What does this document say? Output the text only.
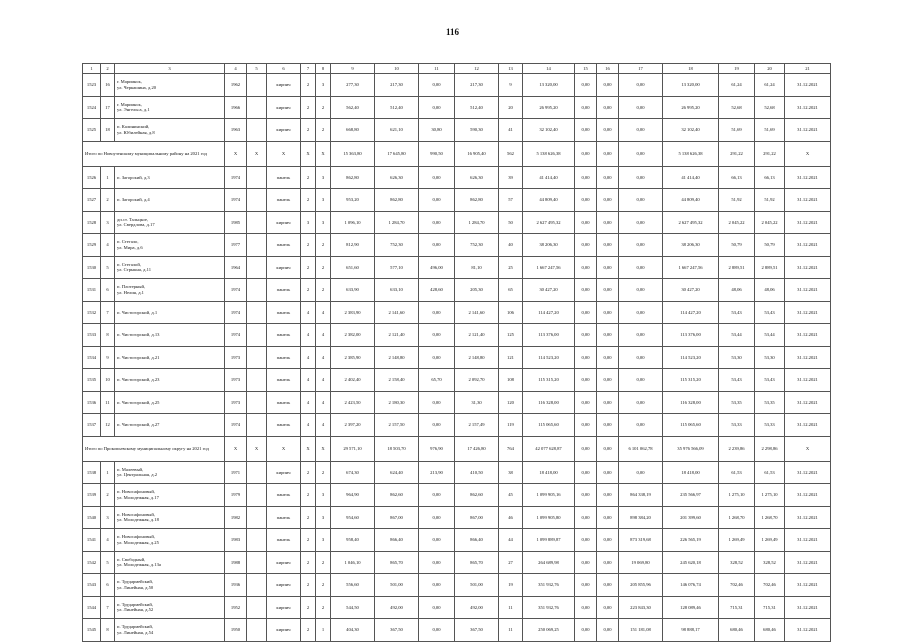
116
1	2	3	4	5	6	7	8	9	10	11	12	13	14	15	16	17	18	19	20	21
1523	16	г. Мариинск,
ул. Черкашина, д.20	1962		кирпич	2	3	277,30	217,30	0,00	217,30	9	13 320,00	0,00	0,00	0,00	13 320,00	61,24	61,24	31.12.2021
1524	17	г. Мариинск,
ул. Энгельса, д.1	1966		кирпич	2	2	562,40	512,40	0,00	512,40	20	26 995,20	0,00	0,00	0,00	26 995,20	52,68	52,68	31.12.2021
1525	18	п. Калининский,
ул. Юбилейная, д.8	1963		кирпич	2	2	668,80	621,10	30,80	590,30	41	32 102,40	0,00	0,00	0,00	32 102,40	51,69	51,69	31.12.2021
Итого по Новоузенскому муниципальному району на 2021 год			X	X	X	X	X	15 363,80	17 645,80	990,50	16 905,40	562	5 138 626,38	0,00	0,00	0,00	5 138 626,38	291,22	291,22	X
1526	1	п. Загорский, д.3	1974		панель	2	3	862,80	626,30	0,00	626,30	39	41 414,40	0,00	0,00	0,00	41 414,40	66,13	66,13	31.12.2021
1527	2	п. Загорский, д.4	1974		панель	2	3	953,20	862,80	0,00	862,80	57	44 809,40	0,00	0,00	0,00	44 809,40	51,92	51,92	31.12.2021
1528	3	дп.ст. Тальцкое,
ул. Свердлова, д.17	1985		кирпич	3	3	1 096,10	1 284,70	0,00	1 284,70	50	2 627 495,32	0,00	0,00	0,00	2 627 495,32	2 045,22	2 045,22	31.12.2021
1529	4	п. Стегало,
ул. Мира, д.6	1977		панель	2	2	812,90	752,30	0,00	752,30	40	38 206,30	0,00	0,00	0,00	38 206,30	50,79	50,79	31.12.2021
1530	5	п. Стегалой,
ул. Стрыкна, д.11	1964		кирпич	2	2	651,60	577,10	496,00	81,10	25	1 667 247,56	0,00	0,00	0,00	1 667 247,56	2 889,51	2 889,51	31.12.2021
1531	6	п. Плотерный,
ул. Нелия, д.1	1974		панель	2	2	633,90	633,10	428,60	205,30	65	30 427,20	0,00	0,00	0,00	30 427,20	48,06	48,06	31.12.2021
1532	7	п. Чистогорский, д.1	1974		панель	4	4	2 383,90	2 141,60	0,00	2 141,60	106	114 427,20	0,00	0,00	0,00	114 427,20	53,43	53,43	31.12.2021
1533	8	п. Чистогорский, д.13	1974		панель	4	4	2 382,00	2 121,40	0,00	2 121,40	125	113 376,00	0,00	0,00	0,00	113 376,00	53,44	53,44	31.12.2021
1534	9	п. Чистогорский, д.21	1973		панель	4	4	2 385,90	2 148,80	0,00	2 148,80	121	114 523,20	0,00	0,00	0,00	114 523,20	53,30	53,30	31.12.2021
1535	10	п. Чистогорский, д.23	1973		панель	4	4	2 402,40	2 158,40	65,70	2 092,70	108	115 315,20	0,00	0,00	0,00	115 315,20	53,43	53,43	31.12.2021
1536	11	п. Чистогорский, д.25	1973		панель	4	4	2 423,50	2 180,30	0,00	31,30	120	116 328,00	0,00	0,00	0,00	116 328,00	53,35	53,35	31.12.2021
1537	12	п. Чистогорский, д.27	1974		панель	4	4	2 397,20	2 157,50	0,00	2 157,49	119	115 065,60	0,00	0,00	0,00	115 065,60	53,33	53,33	31.12.2021
Итого по Прокопьевскому муниципальному округу на 2021 год			X	X	X	X	X	29 571,10	18 503,70	976,90	17 426,80	764	42 077 628,87	0,00	0,00	6 101 062,78	35 976 566,09	2 239,86	2 298,86	X
1538	1	п. Малеевый,
ул. Центральная, д.2	1971		кирпич	2	2	674,30	624,40	213,90	410,50	38	18 418,00	0,00	0,00	0,00	18 418,00	61,53	61,53	31.12.2021
1539	2	п. Новосафоновый,
ул. Молодежная, д.17	1979		панель	2	3	964,90	862,60	0,00	862,60	45	1 099 905,16	0,00	0,00	864 338,19	235 566,97	1 275,10	1 275,10	31.12.2021
1540	3	п. Новосафоновый,
ул. Молодежная, д.18	1982		панель	2	3	954,60	867,00	0,00	867,00	46	1 099 905,80	0,00	0,00	898 384,20	201 399,60	1 268,70	1 268,70	31.12.2021
1541	4	п. Новосафоновый,
ул. Молодежная, д.25	1983		панель	2	3	958,40	866,40	0,00	866,40	44	1 099 889,87	0,00	0,00	873 319,68	226 565,19	1 269,49	1 269,49	31.12.2021
1542	5	п. Свободный,
ул. Молодежная, д.13а	1988		кирпич	2	2	1 046,10	865,70	0,00	865,70	27	264 689,98	0,00	0,00	19 069,80	245 620,18	328,52	328,52	31.12.2021
1543	6	п. Трудармейский,
ул. Линейная, д.50	1936		кирпич	2	2	556,60	501,00	0,00	501,00	19	351 932,76	0,00	0,00	205 855,96	146 076,74	702,46	702,46	31.12.2021
1544	7	п. Трудармейский,
ул. Линейная, д.52	1952		кирпич	2	2	544,50	492,00	0,00	492,00	11	351 932,76	0,00	0,00	223 843,30	128 089,46	715,31	715,31	31.12.2021
1545	8	п. Трудармейский,
ул. Линейная, д.54	1950		кирпич	2	1	404,30	367,50	0,00	367,50	11	250 069,25	0,00	0,00	151 181,08	98 888,17	680,46	680,46	31.12.2021
